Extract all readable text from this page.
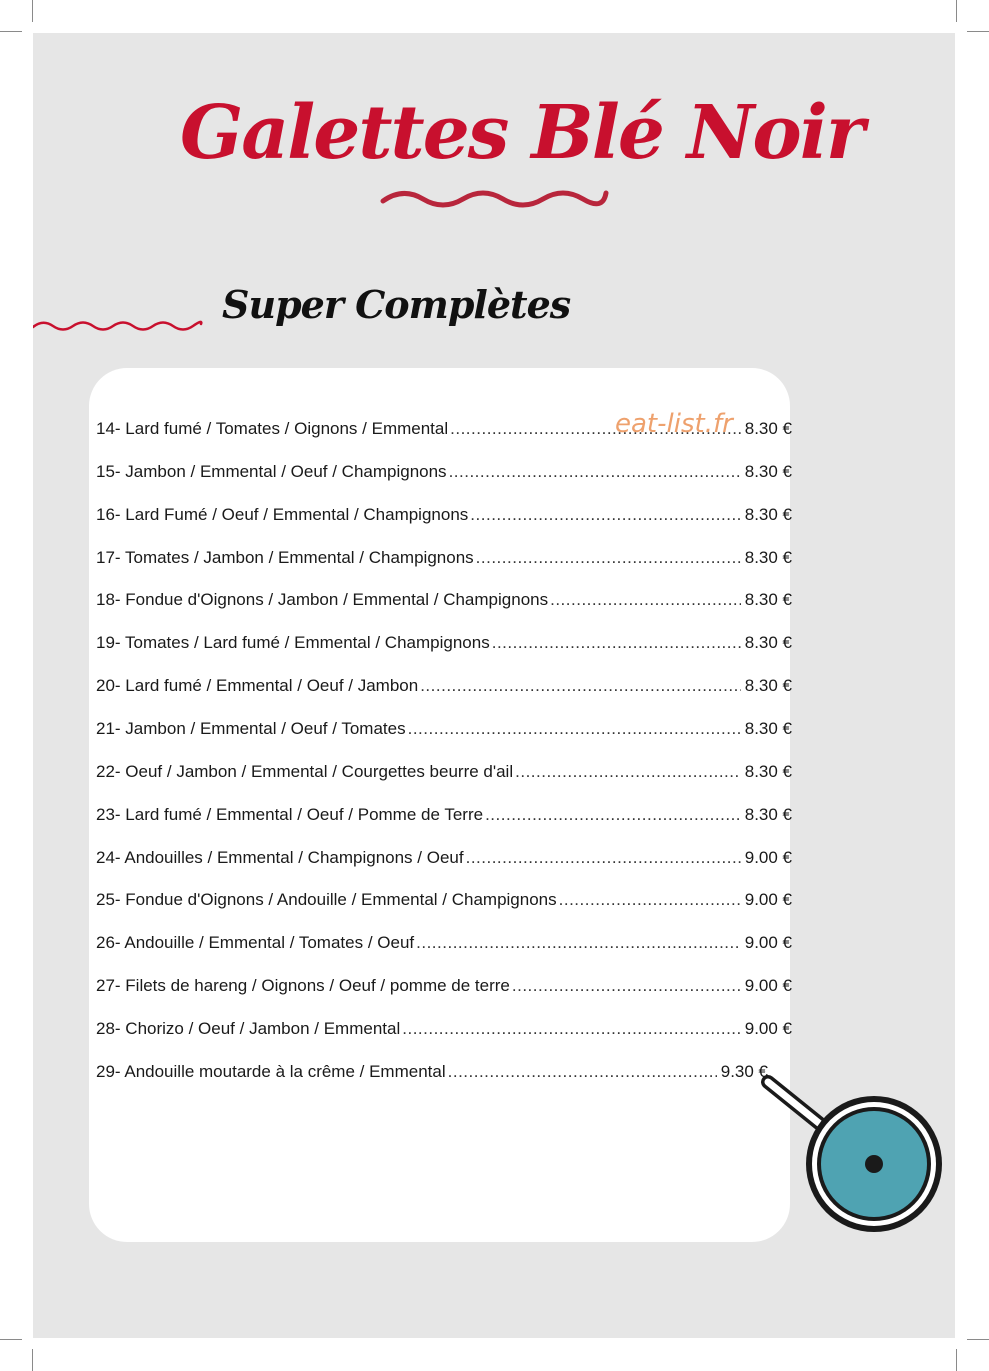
Galettes Blé Noir
Super Complètes
14- Lard fumé / Tomates / Oignons / Emmental .....	8.30 €
15- Jambon / Emmental / Oeuf / Champignons .....	8.30 €
16- Lard Fumé / Oeuf / Emmental / Champignons .....	8.30 €
17- Tomates / Jambon / Emmental / Champignons .....	8.30 €
18- Fondue d'Oignons / Jambon / Emmental / Champignons .....	8.30 €
19- Tomates / Lard fumé / Emmental / Champignons .....	8.30 €
20- Lard fumé / Emmental / Oeuf / Jambon .....	8.30 €
21- Jambon / Emmental / Oeuf / Tomates .....	8.30 €
22- Oeuf / Jambon / Emmental / Courgettes beurre d'ail .....	8.30 €
23- Lard fumé / Emmental / Oeuf / Pomme de Terre .....	8.30 €
24- Andouilles / Emmental / Champignons / Oeuf .....	9.00 €
25- Fondue d'Oignons / Andouille / Emmental / Champignons .....	9.00 €
26- Andouille / Emmental / Tomates / Oeuf .....	9.00 €
27- Filets de hareng / Oignons / Oeuf / pomme de terre .....	9.00 €
28- Chorizo / Oeuf / Jambon / Emmental .....	9.00 €
29- Andouille moutarde à la crême / Emmental .....	9.30 €
eat-list.fr
